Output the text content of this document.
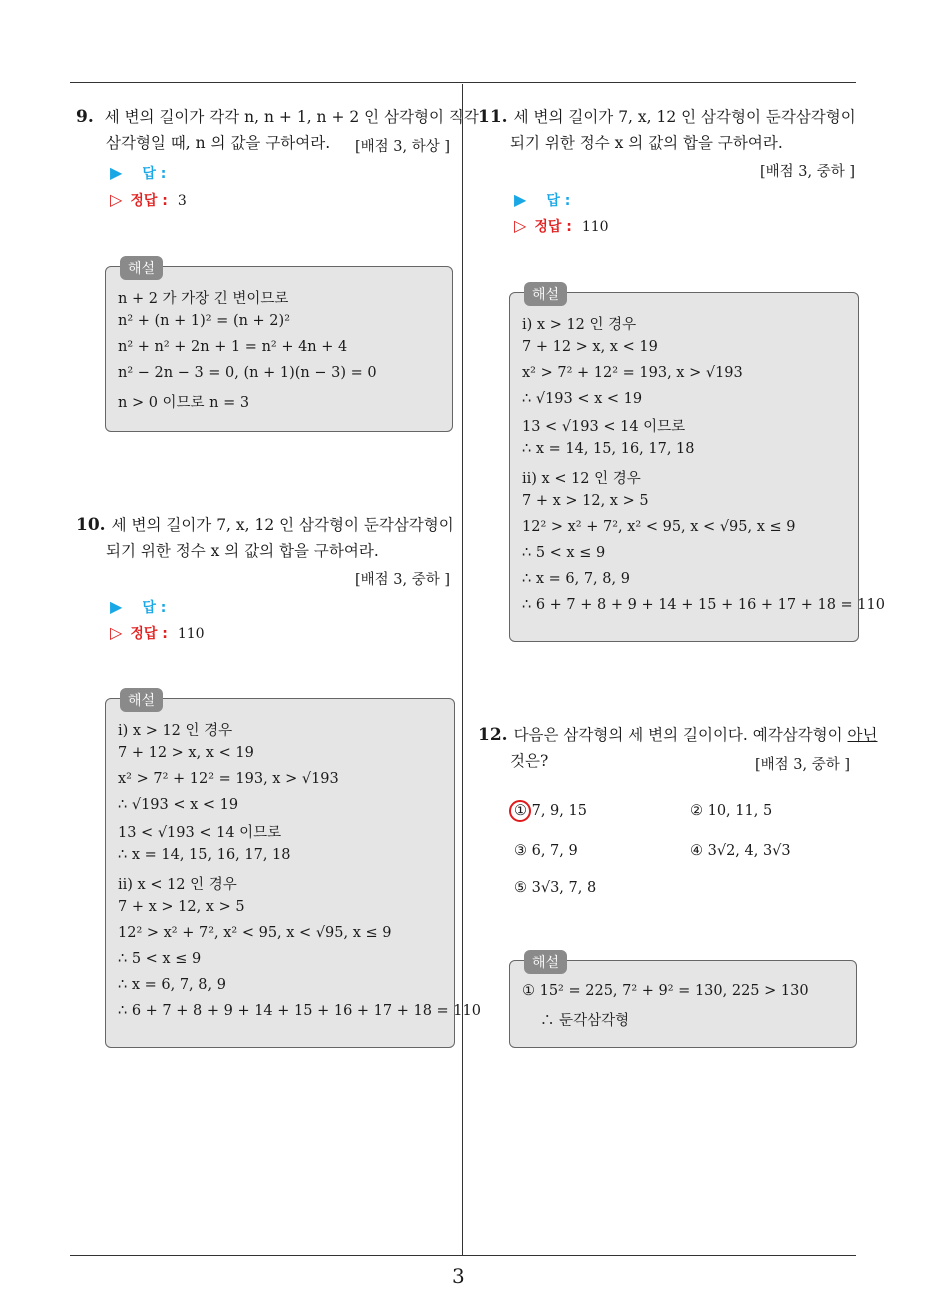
9. 세 변의 길이가 각각 n, n + 1, n + 2 인 삼각형이 직각
삼각형일 때, n 의 값을 구하여라. [배점 3, 하상 ]
▶ 답 :
▷ 정답 : 3
n + 2 가 가장 긴 변이므로
n² + (n + 1)² = (n + 2)²
n² + n² + 2n + 1 = n² + 4n + 4
n² − 2n − 3 = 0, (n + 1)(n − 3) = 0
n > 0 이므로 n = 3
해설
10. 세 변의 길이가 7, x, 12 인 삼각형이 둔각삼각형이
되기 위한 정수 x 의 값의 합을 구하여라.
[배점 3, 중하 ]
▶ 답 :
▷ 정답 : 110
ⅰ) x > 12 인 경우
7 + 12 > x, x < 19
x² > 7² + 12² = 193, x > √193
∴ √193 < x < 19
13 < √193 < 14 이므로
∴ x = 14, 15, 16, 17, 18
ⅱ) x < 12 인 경우
7 + x > 12, x > 5
12² > x² + 7², x² < 95, x < √95, x ≤ 9
∴ 5 < x ≤ 9
∴ x = 6, 7, 8, 9
∴ 6 + 7 + 8 + 9 + 14 + 15 + 16 + 17 + 18 = 110
해설
11. 세 변의 길이가 7, x, 12 인 삼각형이 둔각삼각형이
되기 위한 정수 x 의 값의 합을 구하여라.
[배점 3, 중하 ]
▶ 답 :
▷ 정답 : 110
ⅰ) x > 12 인 경우
7 + 12 > x, x < 19
x² > 7² + 12² = 193, x > √193
∴ √193 < x < 19
13 < √193 < 14 이므로
∴ x = 14, 15, 16, 17, 18
ⅱ) x < 12 인 경우
7 + x > 12, x > 5
12² > x² + 7², x² < 95, x < √95, x ≤ 9
∴ 5 < x ≤ 9
∴ x = 6, 7, 8, 9
∴ 6 + 7 + 8 + 9 + 14 + 15 + 16 + 17 + 18 = 110
해설
12. 다음은 삼각형의 세 변의 길이이다. 예각삼각형이 아닌
것은?	[배점 3, 중하 ]
① 7, 9, 15	② 10, 11, 5
③ 6, 7, 9	④ 3√2, 4, 3√3
⑤ 3√3, 7, 8
① 15² = 225, 7² + 9² = 130, 225 > 130
∴ 둔각삼각형
해설
3
